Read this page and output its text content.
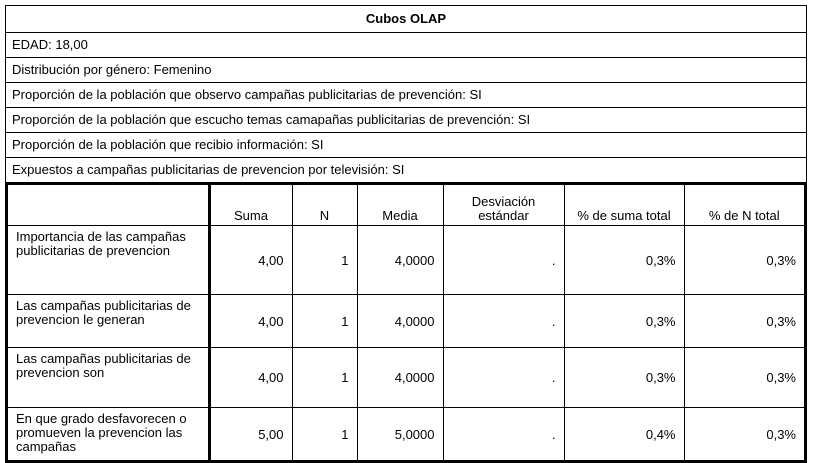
Cubos OLAP
EDAD: 18,00
Distribución por género: Femenino
Proporción de la población que observo campañas publicitarias de prevención: SI
Proporción de la población que escucho temas camapañas publicitarias de prevención: SI
Proporción de la población que recibio información: SI
Expuestos a campañas publicitarias de prevencion por televisión: SI
	Suma	N	Media	Desviación estándar	% de suma total	% de N total
Importancia de las campañas publicitarias de prevencion	4,00	1	4,0000	.	0,3%	0,3%
Las campañas publicitarias de prevencion le generan	4,00	1	4,0000	.	0,3%	0,3%
Las campañas publicitarias de prevencion son	4,00	1	4,0000	.	0,3%	0,3%
En que grado desfavorecen o promueven la prevencion las campañas	5,00	1	5,0000	.	0,4%	0,3%
